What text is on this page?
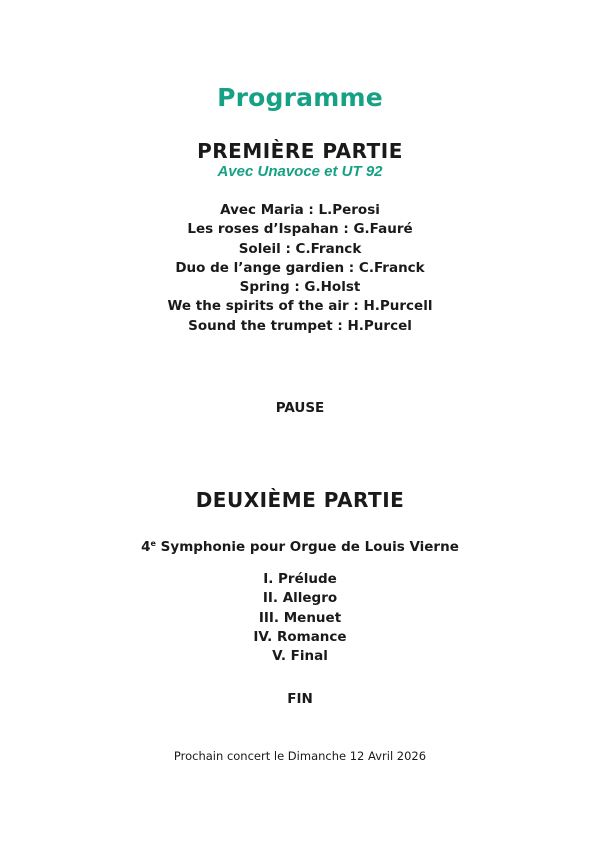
Programme
PREMIÈRE PARTIE
Avec Unavoce et UT 92
Avec Maria : L.Perosi
Les roses d’Ispahan : G.Fauré
Soleil : C.Franck
Duo de l’ange gardien : C.Franck
Spring : G.Holst
We the spirits of the air : H.Purcell
Sound the trumpet : H.Purcel
PAUSE
DEUXIÈME PARTIE
4e Symphonie pour Orgue de Louis Vierne
I. Prélude
II. Allegro
III. Menuet
IV. Romance
V. Final
FIN
Prochain concert le Dimanche 12 Avril 2026
